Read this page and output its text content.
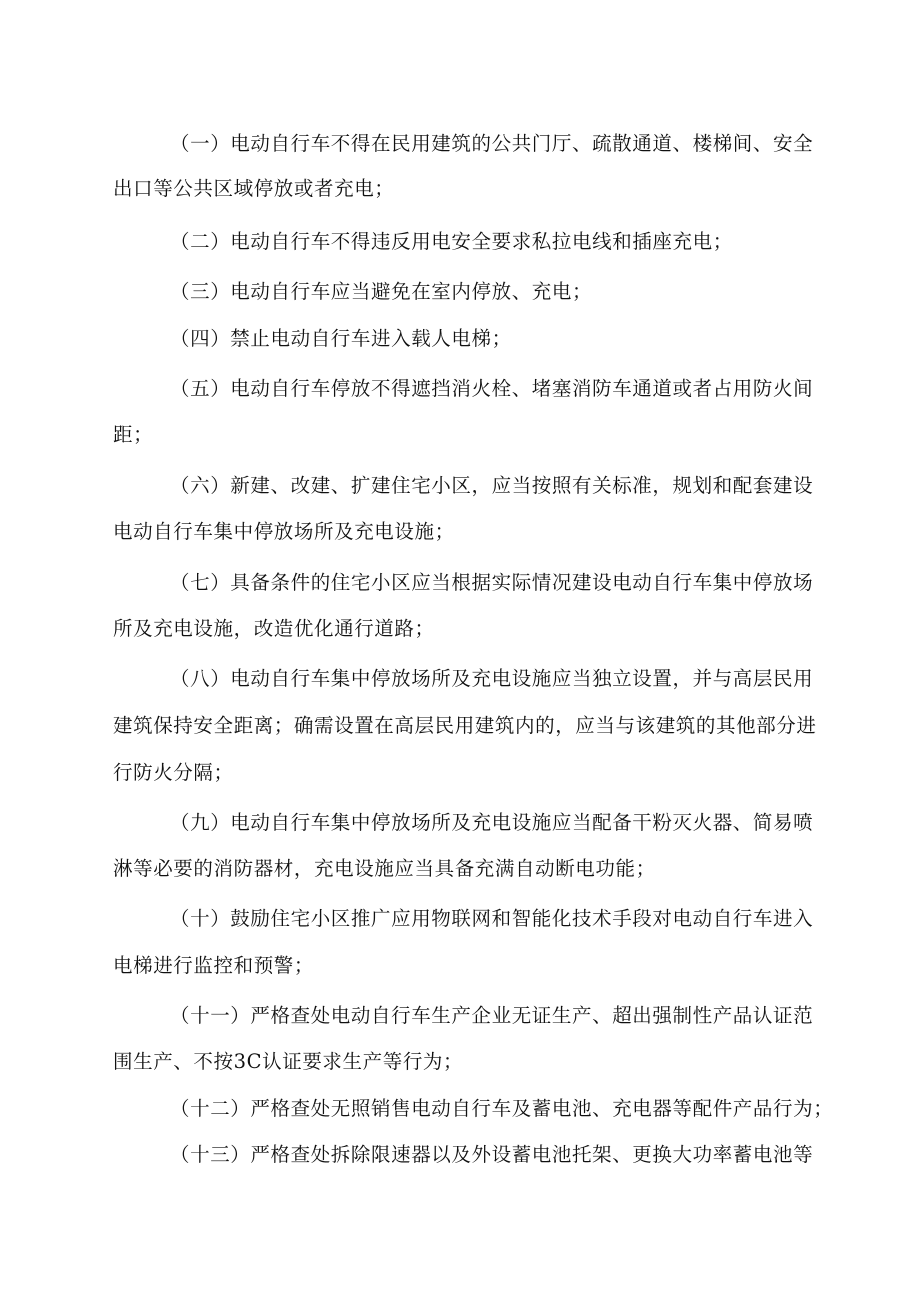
（一）电动自行车不得在民用建筑的公共门厅、疏散通道、楼梯间、安全
出口等公共区域停放或者充电；
（二）电动自行车不得违反用电安全要求私拉电线和插座充电；
（三）电动自行车应当避免在室内停放、充电；
（四）禁止电动自行车进入载人电梯；
（五）电动自行车停放不得遮挡消火栓、堵塞消防车通道或者占用防火间
距；
（六）新建、改建、扩建住宅小区，应当按照有关标准，规划和配套建设
电动自行车集中停放场所及充电设施；
（七）具备条件的住宅小区应当根据实际情况建设电动自行车集中停放场
所及充电设施，改造优化通行道路；
（八）电动自行车集中停放场所及充电设施应当独立设置，并与高层民用
建筑保持安全距离；确需设置在高层民用建筑内的，应当与该建筑的其他部分进
行防火分隔；
（九）电动自行车集中停放场所及充电设施应当配备干粉灭火器、简易喷
淋等必要的消防器材，充电设施应当具备充满自动断电功能；
（十）鼓励住宅小区推广应用物联网和智能化技术手段对电动自行车进入
电梯进行监控和预警；
（十一）严格查处电动自行车生产企业无证生产、超出强制性产品认证范
围生产、不按3C认证要求生产等行为；
（十二）严格查处无照销售电动自行车及蓄电池、充电器等配件产品行为；
（十三）严格查处拆除限速器以及外设蓄电池托架、更换大功率蓄电池等
